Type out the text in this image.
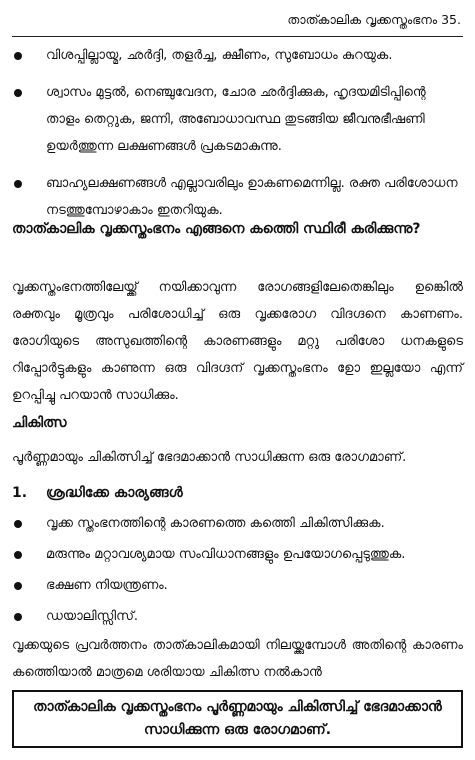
താത്കാലിക വൃക്കസ്തംഭനം 35.
വിശപ്പില്ലായ്മ, ഛർദ്ദി, തളർച്ച, ക്ഷീണം, സുബോധം കുറയുക.
ശ്വാസം മുട്ടൽ, നെഞ്ചുവേദന, ചോര ഛർദ്ദിക്കുക, ഹൃദയമിടിപ്പിന്റെ താളം തെറ്റുക, ജന്നി, അബോധാവസ്ഥ തുടങ്ങിയ ജീവനുഭീഷണി ഉയർത്തുന്ന ലക്ഷണങ്ങൾ പ്രകടമാകുന്നു.
ബാഹ്യലക്ഷണങ്ങൾ എല്ലാവരിലും ഉാകണമെന്നില്ല. രക്ത പരിശോധന നടത്തുമ്പോഴാകാം ഇതറിയുക.
താത്കാലിക വൃക്കസ്തംഭനം എങ്ങനെ കത്തെി സ്ഥിരീ കരിക്കുന്നു?
വൃക്കസ്തംഭനത്തിലേയ്ക്ക് നയിക്കാവുന്ന രോഗങ്ങളിലേതെങ്കിലും ഉങ്കെിൽ രക്തവും മൂത്രവും പരിശോധിച്ച് ഒരു വൃക്കരോഗ വിദഗ്ദനെ കാണണം. രോഗിയുടെ അസുഖത്തിന്റെ കാരണങ്ങളും മറ്റു പരിശോ ധനകളുടെ റിപ്പോർട്ടുകളും കാണുന്ന ഒരു വിദഗ്ദന് വൃക്കസ്തംഭനം ഉോ ഇല്ലയോ എന്ന് ഉറപ്പിച്ചു പറയാൻ സാധിക്കും.
ചികിത്സ
പൂർണ്ണമായും ചികിത്സിച്ച് ഭേദമാക്കാൻ സാധിക്കുന്ന ഒരു രോഗമാണ്.
1. ശ്രദ്ധിക്കേ കാര്യങ്ങൾ
വൃക്ക സ്തംഭനത്തിന്റെ കാരണത്തെ കത്തെി ചികിത്സിക്കുക.
മരുന്നും മറ്റാവശ്യമായ സംവിധാനങ്ങളും ഉപയോഗപ്പെടുത്തുക.
ഭക്ഷണ നിയന്ത്രണം.
ഡയാലിസ്സിസ്.
വൃക്കയുടെ പ്രവർത്തനം താത്കാലികമായി നിലയ്ക്കുമ്പോൾ അതിന്റെ കാരണം കത്തെിയാൽ മാത്രമെ ശരിയായ ചികിത്സ നൽകാൻ
താത്കാലിക വൃക്കസ്തംഭനം പൂർണ്ണമായും ചികിത്സിച്ച് ഭേദമാക്കാൻ സാധിക്കുന്ന ഒരു രോഗമാണ്.
